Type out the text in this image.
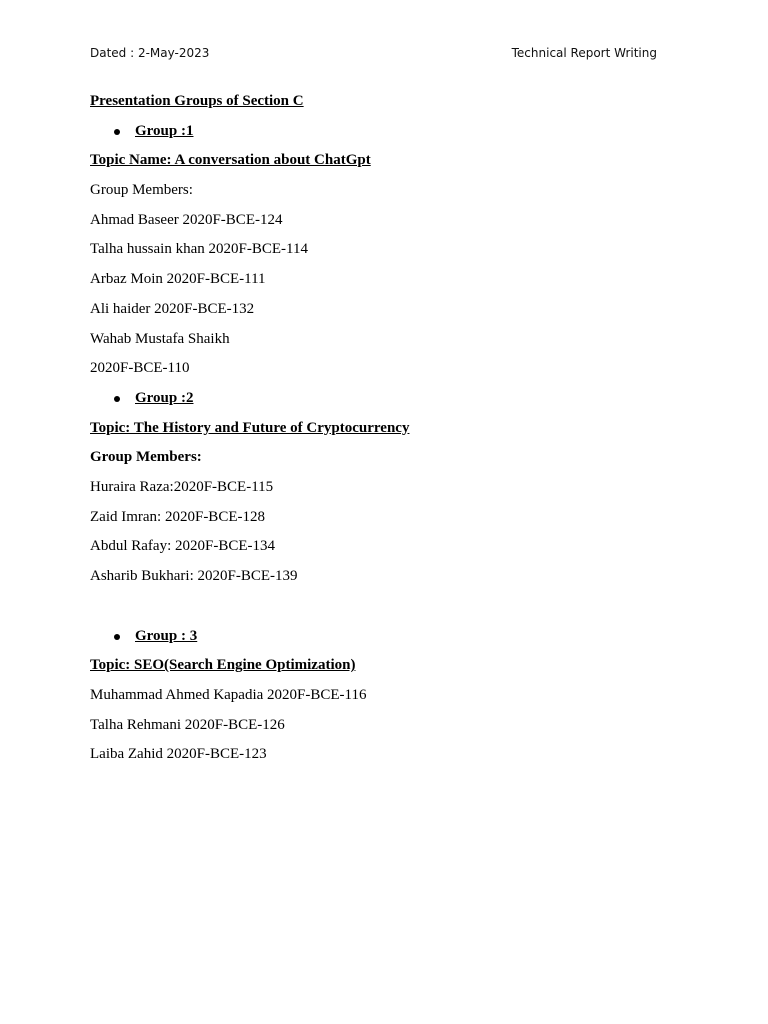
Dated : 2-May-2023	Technical Report Writing
Presentation Groups of Section C
Group :1
Topic Name: A conversation about ChatGpt
Group Members:
Ahmad Baseer 2020F-BCE-124
Talha hussain khan 2020F-BCE-114
Arbaz Moin 2020F-BCE-111
Ali haider 2020F-BCE-132
Wahab Mustafa Shaikh
2020F-BCE-110
Group :2
Topic: The History and Future of Cryptocurrency
Group Members:
Huraira Raza:2020F-BCE-115
Zaid Imran: 2020F-BCE-128
Abdul Rafay: 2020F-BCE-134
Asharib Bukhari: 2020F-BCE-139
Group : 3
Topic: SEO(Search Engine Optimization)
Muhammad Ahmed Kapadia 2020F-BCE-116
Talha Rehmani 2020F-BCE-126
Laiba Zahid 2020F-BCE-123
